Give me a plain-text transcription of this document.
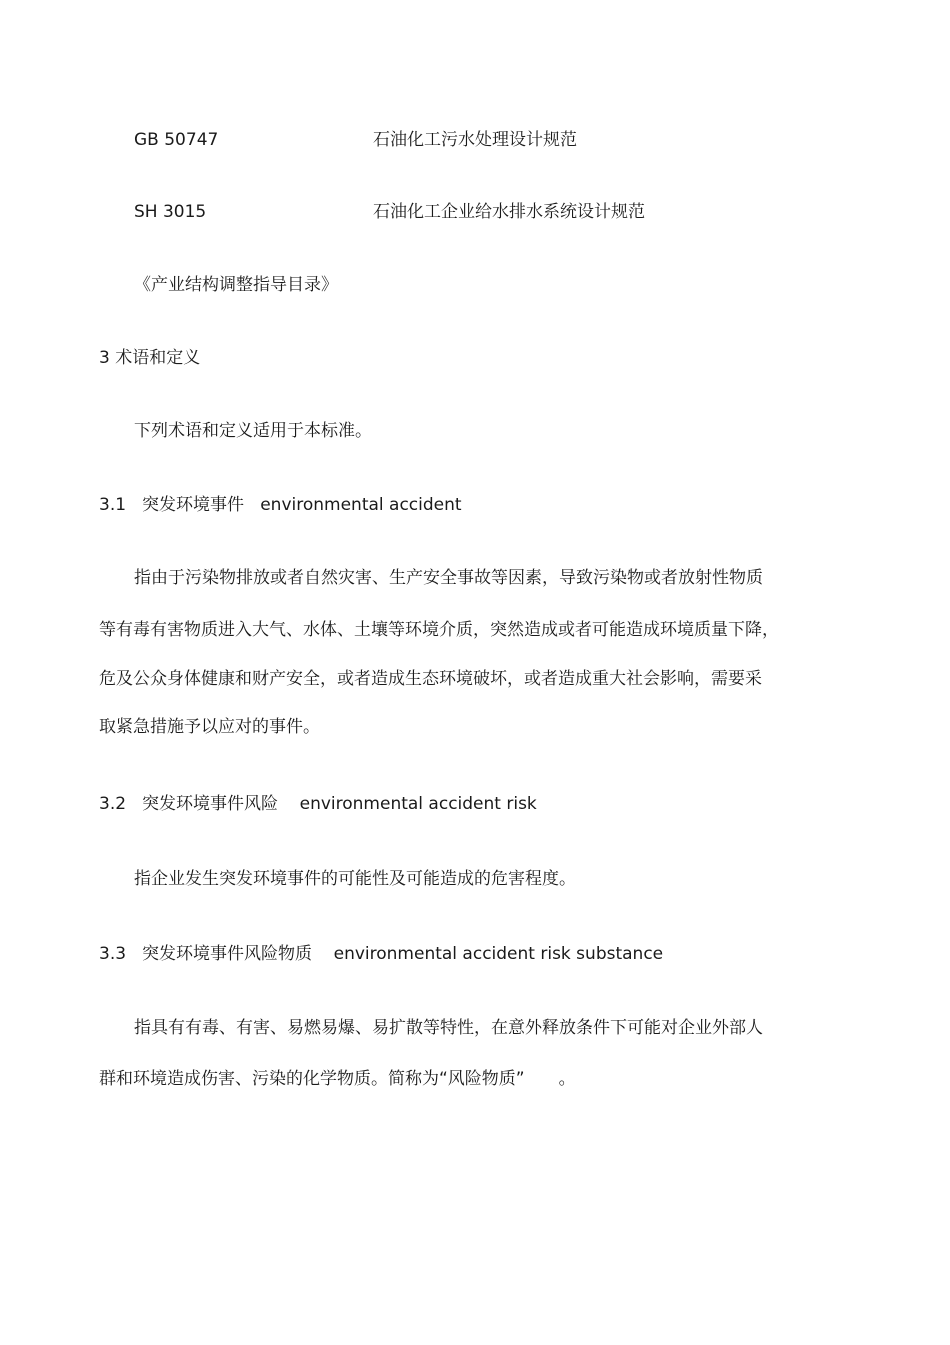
GB 50747	石油化工污水处理设计规范
SH 3015	石油化工企业给水排水系统设计规范
《产业结构调整指导目录》
3 术语和定义
下列术语和定义适用于本标准。
3.1 突发环境事件 environmental accident
指由于污染物排放或者自然灾害、生产安全事故等因素，导致污染物或者放射性物质
等有毒有害物质进入大气、水体、土壤等环境介质，突然造成或者可能造成环境质量下降，
危及公众身体健康和财产安全，或者造成生态环境破坏，或者造成重大社会影响，需要采
取紧急措施予以应对的事件。
3.2 突发环境事件风险 environmental accident risk
指企业发生突发环境事件的可能性及可能造成的危害程度。
3.3 突发环境事件风险物质 environmental accident risk substance
指具有有毒、有害、易燃易爆、易扩散等特性，在意外释放条件下可能对企业外部人
群和环境造成伤害、污染的化学物质。简称为“风险物质”　　。
